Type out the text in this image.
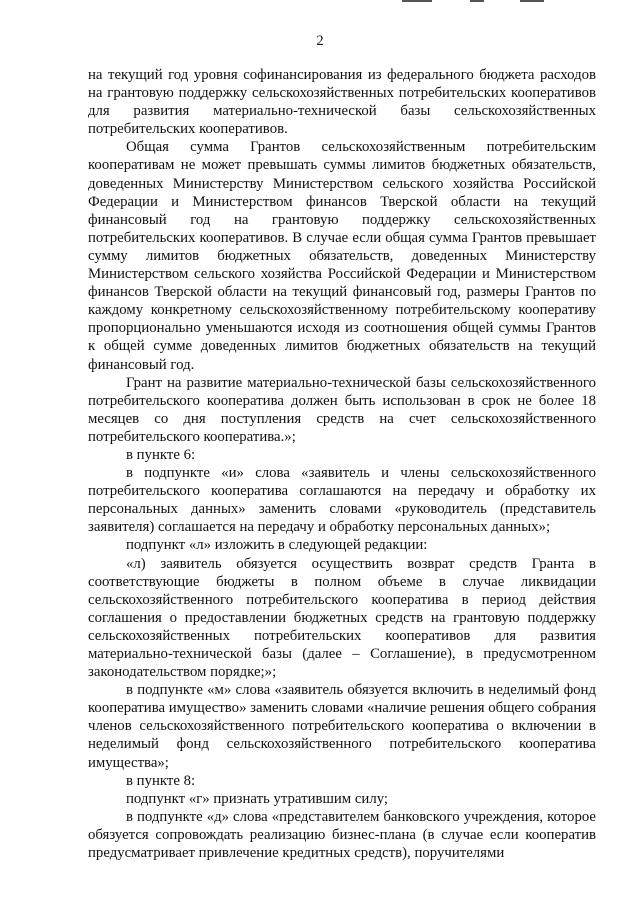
2

на текущий год уровня софинансирования из федерального бюджета расходов на грантовую поддержку сельскохозяйственных потребительских кооперативов для развития материально-технической базы сельскохозяйственных потребительских кооперативов.

Общая сумма Грантов сельскохозяйственным потребительским кооперативам не может превышать суммы лимитов бюджетных обязательств, доведенных Министерству Министерством сельского хозяйства Российской Федерации и Министерством финансов Тверской области на текущий финансовый год на грантовую поддержку сельскохозяйственных потребительских кооперативов. В случае если общая сумма Грантов превышает сумму лимитов бюджетных обязательств, доведенных Министерству Министерством сельского хозяйства Российской Федерации и Министерством финансов Тверской области на текущий финансовый год, размеры Грантов по каждому конкретному сельскохозяйственному потребительскому кооперативу пропорционально уменьшаются исходя из соотношения общей суммы Грантов к общей сумме доведенных лимитов бюджетных обязательств на текущий финансовый год.

Грант на развитие материально-технической базы сельскохозяйственного потребительского кооператива должен быть использован в срок не более 18 месяцев со дня поступления средств на счет сельскохозяйственного потребительского кооператива.»;

в пункте 6:

в подпункте «и» слова «заявитель и члены сельскохозяйственного потребительского кооператива соглашаются на передачу и обработку их персональных данных» заменить словами «руководитель (представитель заявителя) соглашается на передачу и обработку персональных данных»;

подпункт «л» изложить в следующей редакции:

«л) заявитель обязуется осуществить возврат средств Гранта в соответствующие бюджеты в полном объеме в случае ликвидации сельскохозяйственного потребительского кооператива в период действия соглашения о предоставлении бюджетных средств на грантовую поддержку сельскохозяйственных потребительских кооперативов для развития материально-технической базы (далее – Соглашение), в предусмотренном законодательством порядке;»;

в подпункте «м» слова «заявитель обязуется включить в неделимый фонд кооператива имущество» заменить словами «наличие решения общего собрания членов сельскохозяйственного потребительского кооператива о включении в неделимый фонд сельскохозяйственного потребительского кооператива имущества»;

в пункте 8:

подпункт «г» признать утратившим силу;

в подпункте «д» слова «представителем банковского учреждения, которое обязуется сопровождать реализацию бизнес-плана (в случае если кооператив предусматривает привлечение кредитных средств), поручителями
